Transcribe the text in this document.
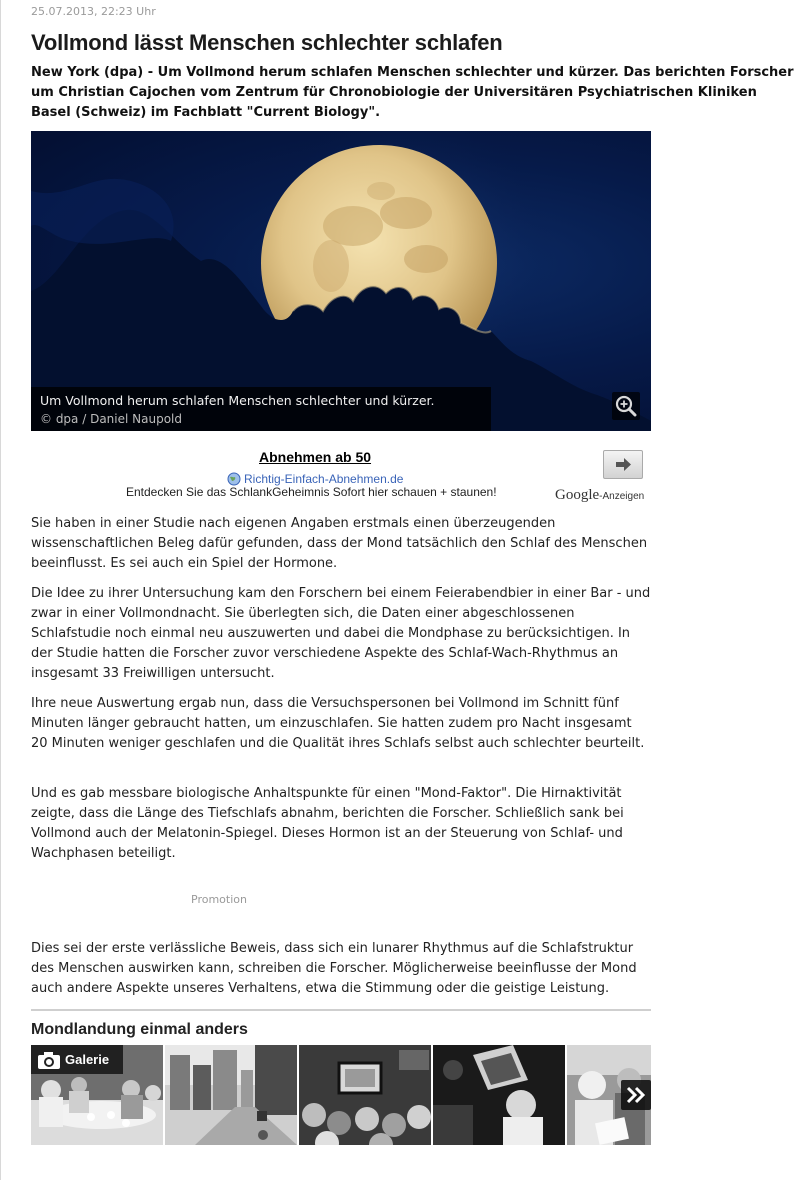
25.07.2013, 22:23 Uhr
Vollmond lässt Menschen schlechter schlafen

New York (dpa) - Um Vollmond herum schlafen Menschen schlechter und kürzer. Das berichten Forscher um Christian Cajochen vom Zentrum für Chronobiologie der Universitären Psychiatrischen Kliniken Basel (Schweiz) im Fachblatt "Current Biology".

Um Vollmond herum schlafen Menschen schlechter und kürzer.
© dpa / Daniel Naupold
Abnehmen ab 50
Richtig-Einfach-Abnehmen.de
Entdecken Sie das SchlankGeheimnis Sofort hier schauen + staunen!	Google-Anzeigen

Sie haben in einer Studie nach eigenen Angaben erstmals einen überzeugenden wissenschaftlichen Beleg dafür gefunden, dass der Mond tatsächlich den Schlaf des Menschen beeinflusst. Es sei auch ein Spiel der Hormone.

Die Idee zu ihrer Untersuchung kam den Forschern bei einem Feierabendbier in einer Bar - und zwar in einer Vollmondnacht. Sie überlegten sich, die Daten einer abgeschlossenen Schlafstudie noch einmal neu auszuwerten und dabei die Mondphase zu berücksichtigen. In der Studie hatten die Forscher zuvor verschiedene Aspekte des Schlaf-Wach-Rhythmus an insgesamt 33 Freiwilligen untersucht.

Ihre neue Auswertung ergab nun, dass die Versuchspersonen bei Vollmond im Schnitt fünf Minuten länger gebraucht hatten, um einzuschlafen. Sie hatten zudem pro Nacht insgesamt 20 Minuten weniger geschlafen und die Qualität ihres Schlafs selbst auch schlechter beurteilt.

Und es gab messbare biologische Anhaltspunkte für einen "Mond-Faktor". Die Hirnaktivität zeigte, dass die Länge des Tiefschlafs abnahm, berichten die Forscher. Schließlich sank bei Vollmond auch der Melatonin-Spiegel. Dieses Hormon ist an der Steuerung von Schlaf- und Wachphasen beteiligt.

Promotion

Dies sei der erste verlässliche Beweis, dass sich ein lunarer Rhythmus auf die Schlafstruktur des Menschen auswirken kann, schreiben die Forscher. Möglicherweise beeinflusse der Mond auch andere Aspekte unseres Verhaltens, etwa die Stimmung oder die geistige Leistung.

Mondlandung einmal anders
Galerie
